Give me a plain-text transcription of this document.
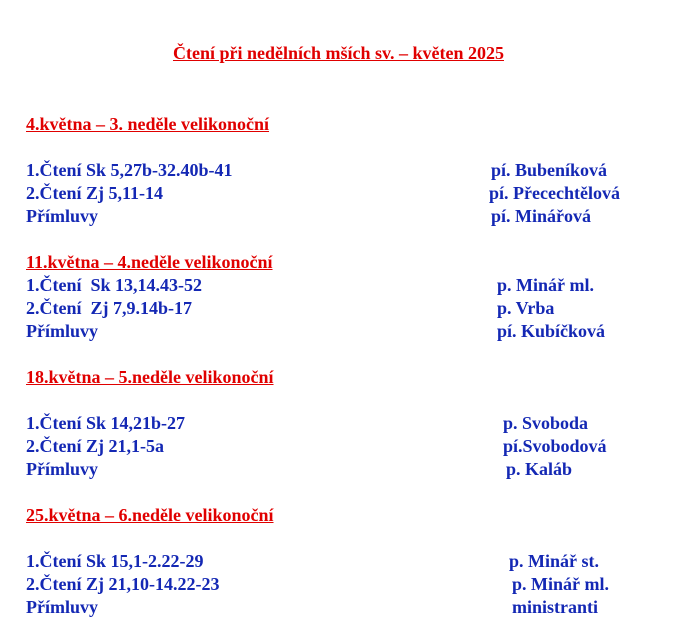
Čtení při nedělních mších sv. – květen 2025
4.května – 3. neděle velikonoční
1.Čtení Sk 5,27b-32.40b-41	pí. Bubeníková
2.Čtení Zj 5,11-14	pí. Přecechtělová
Přímluvy	pí. Minářová
11.května – 4.neděle velikonoční
1.Čtení  Sk 13,14.43-52	p. Minář ml.
2.Čtení  Zj 7,9.14b-17	p. Vrba
Přímluvy	pí. Kubíčková
18.května – 5.neděle velikonoční
1.Čtení Sk 14,21b-27	p. Svoboda
2.Čtení Zj 21,1-5a	pí.Svobodová
Přímluvy	p. Kaláb
25.května – 6.neděle velikonoční
1.Čtení Sk 15,1-2.22-29	p. Minář st.
2.Čtení Zj 21,10-14.22-23	p. Minář ml.
Přímluvy	ministranti
